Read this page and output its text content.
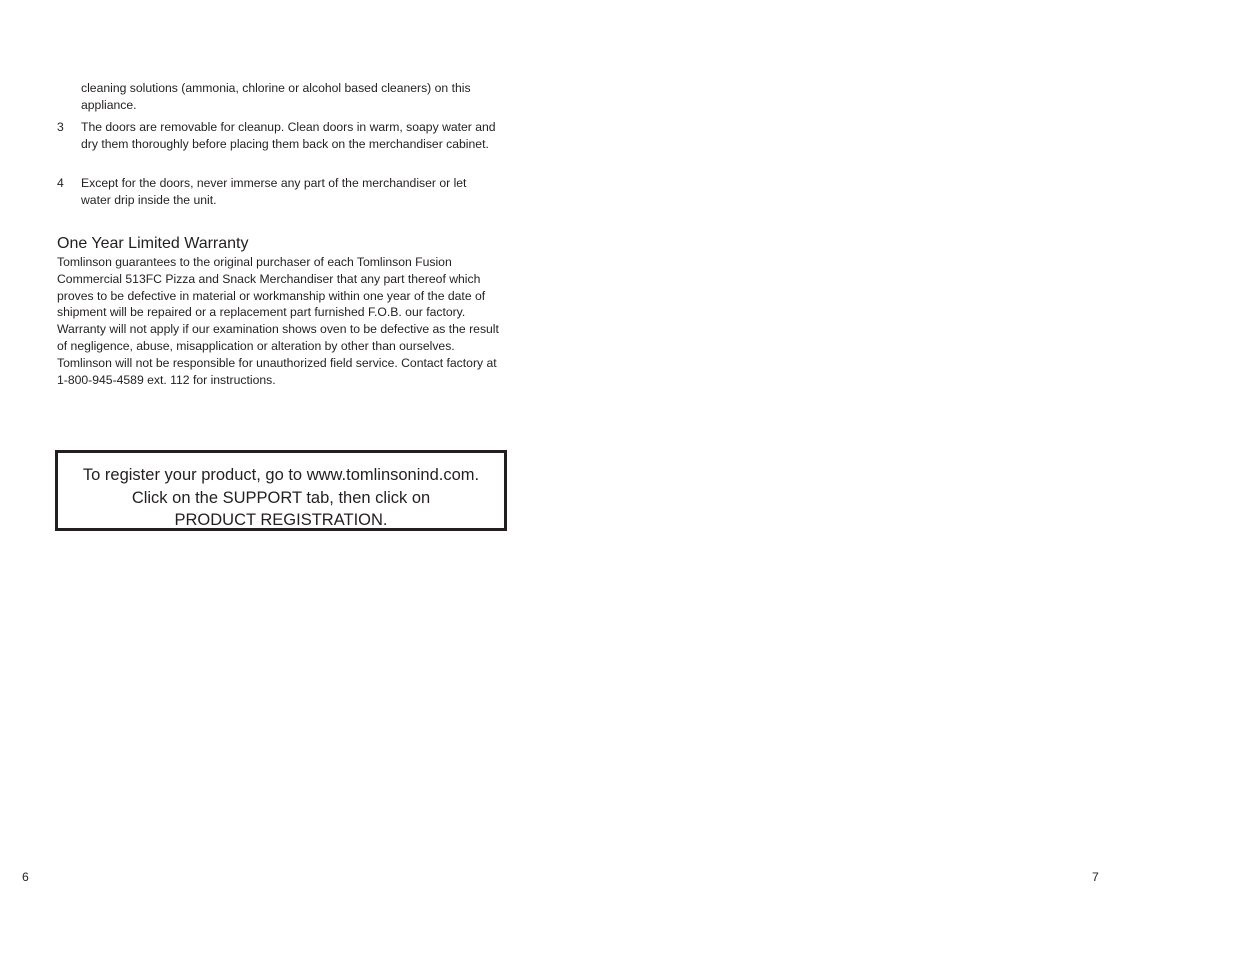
cleaning solutions (ammonia, chlorine or alcohol based cleaners) on this appliance.

3	The doors are removable for cleanup. Clean doors in warm, soapy water and dry them thoroughly before placing them back on the merchandiser cabinet.
4	Except for the doors, never immerse any part of the merchandiser or let water drip inside the unit.
One Year Limited Warranty

Tomlinson guarantees to the original purchaser of each Tomlinson Fusion Commercial 513FC Pizza and Snack Merchandiser that any part thereof which proves to be defective in material or workmanship within one year of the date of shipment will be repaired or a replacement part furnished F.O.B. our factory. Warranty will not apply if our examination shows oven to be defective as the result of negligence, abuse, misapplication or alteration by other than ourselves. Tomlinson will not be responsible for unauthorized field service. Contact factory at 1-800-945-4589 ext. 112 for instructions.

To register your product, go to www.tomlinsonind.com.
Click on the SUPPORT tab, then click on
PRODUCT REGISTRATION.
6	7
